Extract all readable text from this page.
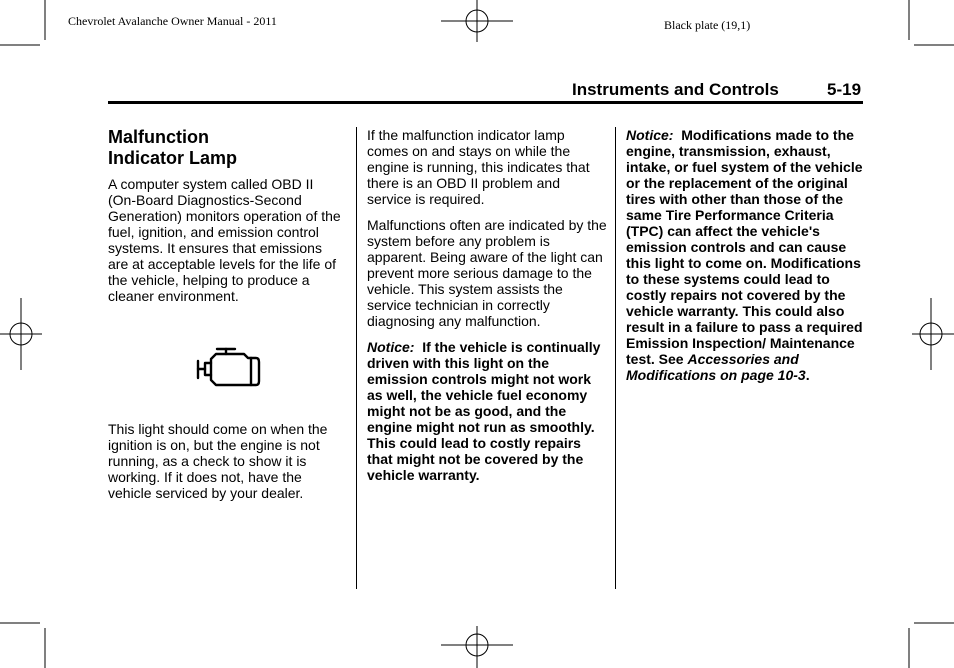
Chevrolet Avalanche Owner Manual - 2011	Black plate (19,1)
Instruments and Controls	5-19
Malfunction
Indicator Lamp

A computer system called OBD II (On-Board Diagnostics-Second Generation) monitors operation of the fuel, ignition, and emission control systems. It ensures that emissions are at acceptable levels for the life of the vehicle, helping to produce a cleaner environment.

This light should come on when the ignition is on, but the engine is not running, as a check to show it is working. If it does not, have the vehicle serviced by your dealer.

If the malfunction indicator lamp comes on and stays on while the engine is running, this indicates that there is an OBD II problem and service is required.

Malfunctions often are indicated by the system before any problem is apparent. Being aware of the light can prevent more serious damage to the vehicle. This system assists the service technician in correctly diagnosing any malfunction.

Notice: If the vehicle is continually driven with this light on the emission controls might not work as well, the vehicle fuel economy might not be as good, and the engine might not run as smoothly. This could lead to costly repairs that might not be covered by the vehicle warranty.

Notice: Modifications made to the engine, transmission, exhaust, intake, or fuel system of the vehicle or the replacement of the original tires with other than those of the same Tire Performance Criteria (TPC) can affect the vehicle's emission controls and can cause this light to come on. Modifications to these systems could lead to costly repairs not covered by the vehicle warranty. This could also result in a failure to pass a required Emission Inspection/ Maintenance test. See Accessories and Modifications on page 10-3.
